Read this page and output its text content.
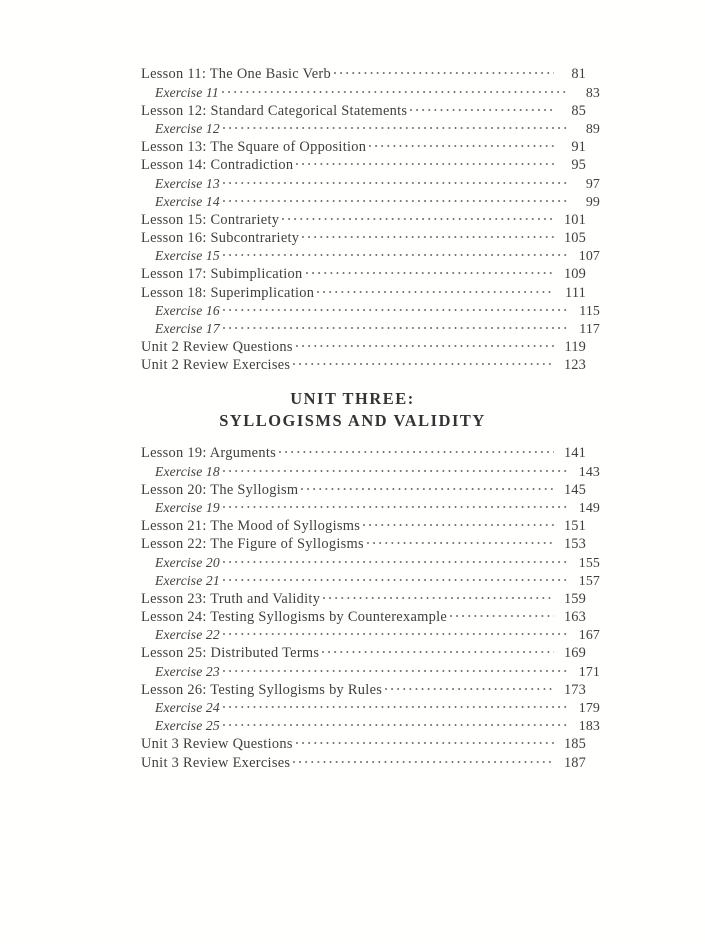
Lesson 11: The One Basic Verb	81
Exercise 11	83
Lesson 12: Standard Categorical Statements	85
Exercise 12	89
Lesson 13: The Square of Opposition	91
Lesson 14: Contradiction	95
Exercise 13	97
Exercise 14	99
Lesson 15: Contrariety	101
Lesson 16: Subcontrariety	105
Exercise 15	107
Lesson 17: Subimplication	109
Lesson 18: Superimplication	111
Exercise 16	115
Exercise 17	117
Unit 2 Review Questions	119
Unit 2 Review Exercises	123
UNIT THREE:
SYLLOGISMS AND VALIDITY
Lesson 19: Arguments	141
Exercise 18	143
Lesson 20: The Syllogism	145
Exercise 19	149
Lesson 21: The Mood of Syllogisms	151
Lesson 22: The Figure of Syllogisms	153
Exercise 20	155
Exercise 21	157
Lesson 23: Truth and Validity	159
Lesson 24: Testing Syllogisms by Counterexample	163
Exercise 22	167
Lesson 25: Distributed Terms	169
Exercise 23	171
Lesson 26: Testing Syllogisms by Rules	173
Exercise 24	179
Exercise 25	183
Unit 3 Review Questions	185
Unit 3 Review Exercises	187
